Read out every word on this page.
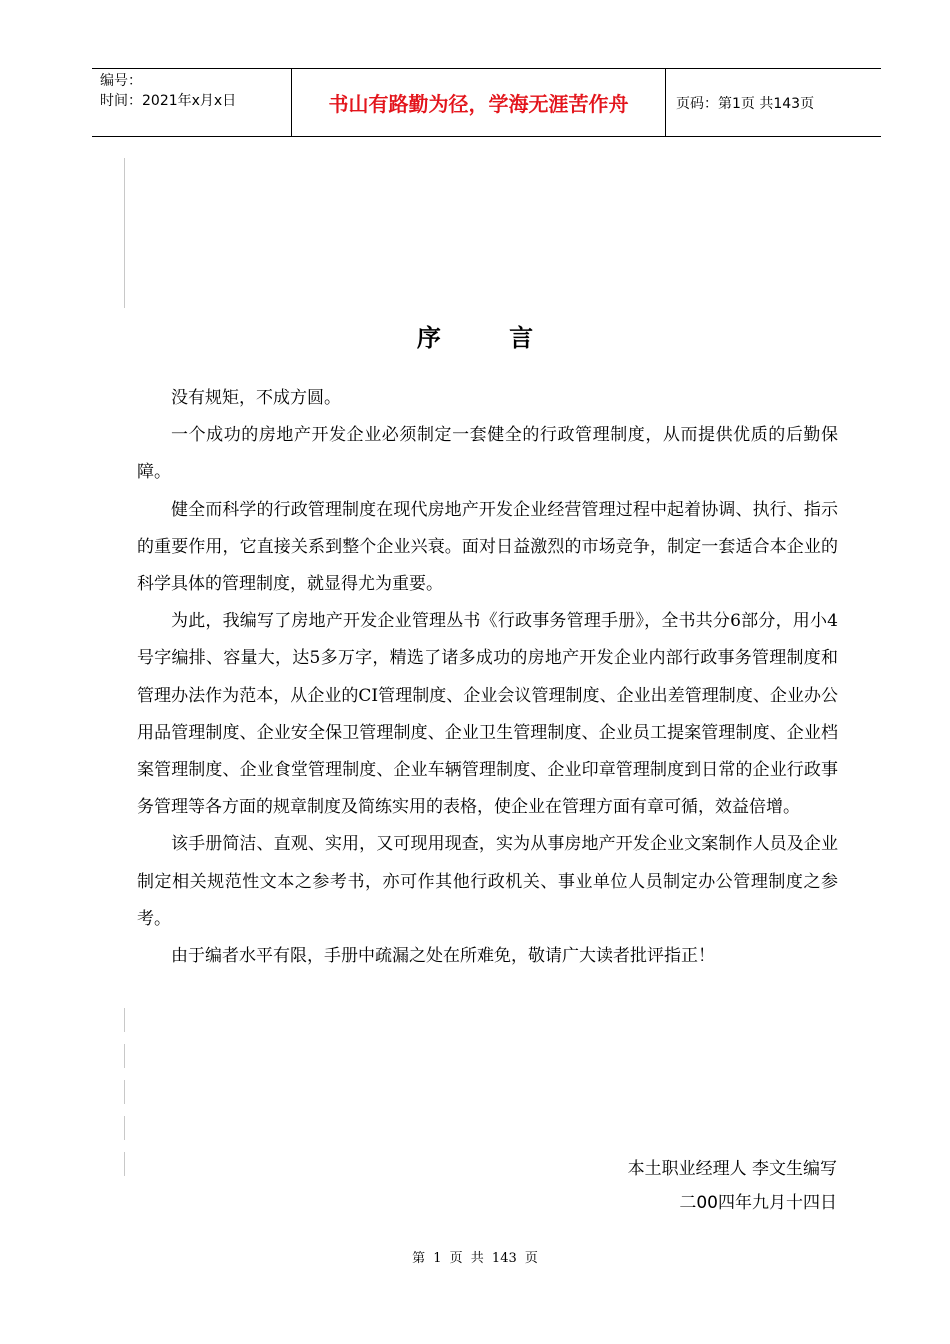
编号：
时间：2021年x月x日	书山有路勤为径，学海无涯苦作舟	页码：第1页 共143页
序 言

没有规矩，不成方圆。

一个成功的房地产开发企业必须制定一套健全的行政管理制度，从而提供优质的后勤保障。

健全而科学的行政管理制度在现代房地产开发企业经营管理过程中起着协调、执行、指示的重要作用，它直接关系到整个企业兴衰。面对日益激烈的市场竞争，制定一套适合本企业的科学具体的管理制度，就显得尤为重要。

为此，我编写了房地产开发企业管理丛书《行政事务管理手册》，全书共分6部分，用小4号字编排、容量大，达5多万字，精选了诸多成功的房地产开发企业内部行政事务管理制度和管理办法作为范本，从企业的CI管理制度、企业会议管理制度、企业出差管理制度、企业办公用品管理制度、企业安全保卫管理制度、企业卫生管理制度、企业员工提案管理制度、企业档案管理制度、企业食堂管理制度、企业车辆管理制度、企业印章管理制度到日常的企业行政事务管理等各方面的规章制度及简练实用的表格，使企业在管理方面有章可循，效益倍增。

该手册简洁、直观、实用，又可现用现查，实为从事房地产开发企业文案制作人员及企业制定相关规范性文本之参考书，亦可作其他行政机关、事业单位人员制定办公管理制度之参考。

由于编者水平有限，手册中疏漏之处在所难免，敬请广大读者批评指正！

本土职业经理人 李文生编写
二00四年九月十四日
第 1 页 共 143 页
